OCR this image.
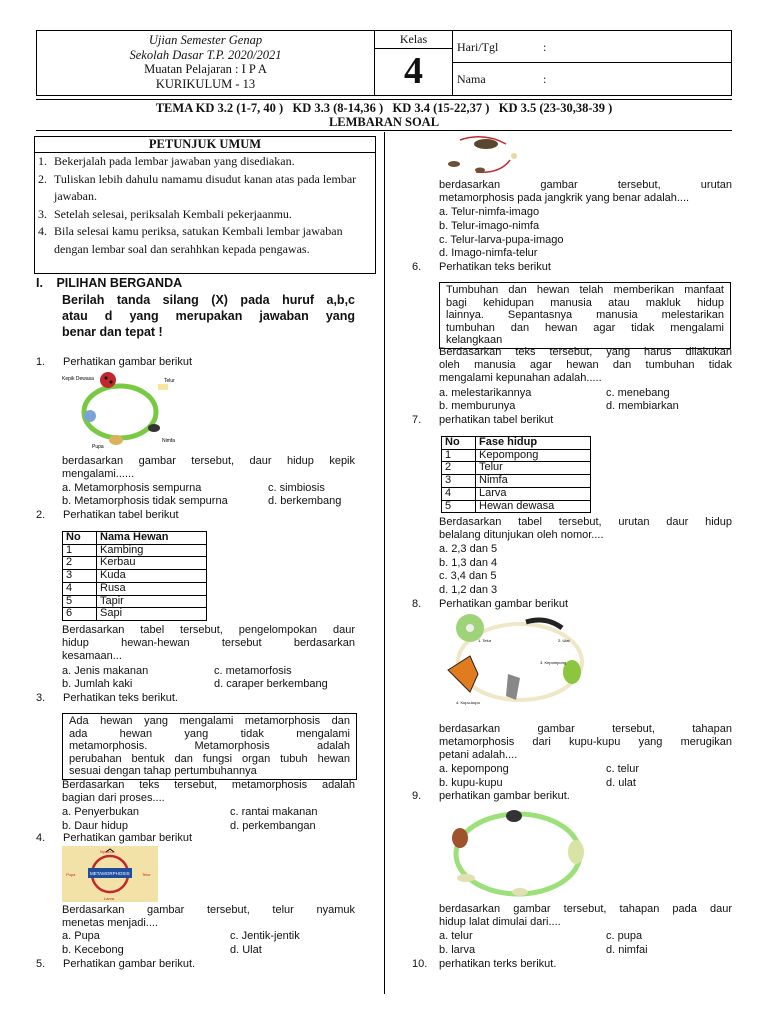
Ujian Semester Genap
Sekolah Dasar T.P. 2020/2021
Muatan Pelajaran : I P A
KURIKULUM - 13
Kelas
4
Hari/Tgl	:
Nama	:
TEMA KD 3.2 (1-7, 40 )   KD 3.3 (8-14,36 )   KD 3.4 (15-22,37 )   KD 3.5 (23-30,38-39 )
LEMBARAN SOAL
PETUNJUK UMUM
1. Bekerjalah pada lembar jawaban yang disediakan.
2. Tuliskan lebih dahulu namamu disudut kanan atas pada lembar jawaban.
3. Setelah selesai, periksalah Kembali pekerjaanmu.
4. Bila selesai kamu periksa, satukan Kembali lembar jawaban dengan lembar soal dan serahhkan kepada pengawas.
I. PILIHAN BERGANDA
Berilah tanda silang (X) pada huruf a,b,c
atau d yang merupakan jawaban yang
benar dan tepat !
1. Perhatikan gambar berikut
Kepik Dewasa	Telur
Nimfa
Pupa
berdasarkan gambar tersebut, daur hidup kepik
mengalami......
a. Metamorphosis sempurna	c. simbiosis
b. Metamorphosis tidak sempurna	d. berkembang
2. Perhatikan tabel berikut
No	Nama Hewan
1	Kambing
2	Kerbau
3	Kuda
4	Rusa
5	Tapir
6	Sapi
Berdasarkan tabel tersebut, pengelompokan daur
hidup hewan-hewan tersebut berdasarkan
kesamaan...
a. Jenis makanan	c. metamorfosis
b. Jumlah kaki	d. caraper berkembang
3. Perhatikan teks berikut.
Ada hewan yang mengalami metamorphosis dan
ada hewan yang tidak mengalami
metamorphosis. Metamorphosis adalah
perubahan bentuk dan fungsi organ tubuh hewan
sesuai dengan tahap pertumbuhannya
Berdasarkan teks tersebut, metamorphosis adalah
bagian dari proses....
a. Penyerbukan	c. rantai makanan
b. Daur hidup	d. perkembangan
4. Perhatikan gambar berikut
Nyamuk
METAMORPHOSIS	Telur
Pupa
Larva
Berdasarkan gambar tersebut, telur nyamuk
menetas menjadi....
a. Pupa	c. Jentik-jentik
b. Kecebong	d. Ulat
5. Perhatikan gambar berikut.
berdasarkan gambar tersebut, urutan
metamorphosis pada jangkrik yang benar adalah....
a. Telur-nimfa-imago
b. Telur-imago-nimfa
c. Telur-larva-pupa-imago
d. Imago-nimfa-telur
6. Perhatikan teks berikut
Tumbuhan dan hewan telah memberikan manfaat
bagi kehidupan manusia atau makluk hidup
lainnya. Sepantasnya manusia melestarikan
tumbuhan dan hewan agar tidak mengalami
kelangkaan
Berdasarkan teks tersebut, yang harus dilakukan
oleh manusia agar hewan dan tumbuhan tidak
mengalami kepunahan adalah.....
a. melestarikannya	c. menebang
b. memburunya	d. membiarkan
7. perhatikan tabel berikut
No	Fase hidup
1	Kepompong
2	Telur
3	Nimfa
4	Larva
5	Hewan dewasa
Berdasarkan tabel tersebut, urutan daur hidup
belalang ditunjukan oleh nomor....
a. 2,3 dan 5
b. 1,3 dan 4
c. 3,4 dan 5
d. 1,2 dan 3
8. Perhatikan gambar berikut
1. Telur	2. Ulat
3. Kepompong
4. Kupu-kupu
berdasarkan gambar tersebut, tahapan
metamorphosis dari kupu-kupu yang merugikan
petani adalah....
a. kepompong	c. telur
b. kupu-kupu	d. ulat
9. perhatikan gambar berikut.
berdasarkan gambar tersebut, tahapan pada daur
hidup lalat dimulai dari....
a. telur	c. pupa
b. larva	d. nimfai
10. perhatikan terks berikut.
